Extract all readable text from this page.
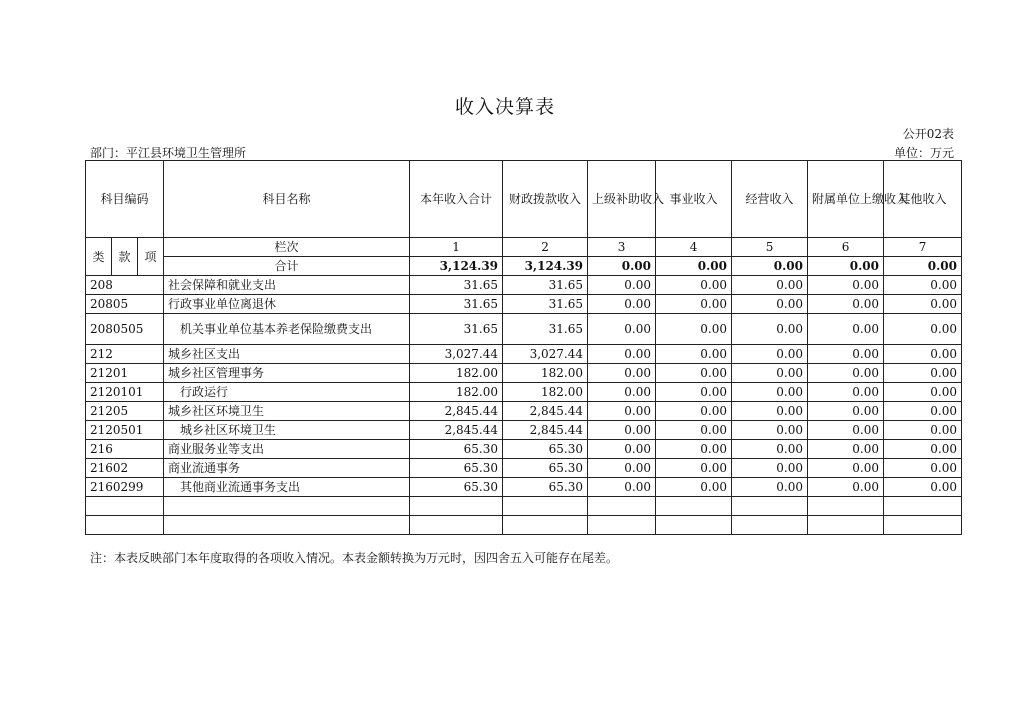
收入决算表
公开02表
部门：平江县环境卫生管理所	单位：万元
科目编码			科目名称	本年收入合计	财政拨款收入	上级补助收入	事业收入	经营收入	附属单位上缴收入	其他收入
类	款	项	栏次	1	2	3	4	5	6	7
			合计	3,124.39	3,124.39	0.00	0.00	0.00	0.00	0.00
208			社会保障和就业支出	31.65	31.65	0.00	0.00	0.00	0.00	0.00
20805			行政事业单位离退休	31.65	31.65	0.00	0.00	0.00	0.00	0.00
2080505			机关事业单位基本养老保险缴费支出	31.65	31.65	0.00	0.00	0.00	0.00	0.00
212			城乡社区支出	3,027.44	3,027.44	0.00	0.00	0.00	0.00	0.00
21201			城乡社区管理事务	182.00	182.00	0.00	0.00	0.00	0.00	0.00
2120101			行政运行	182.00	182.00	0.00	0.00	0.00	0.00	0.00
21205			城乡社区环境卫生	2,845.44	2,845.44	0.00	0.00	0.00	0.00	0.00
2120501			城乡社区环境卫生	2,845.44	2,845.44	0.00	0.00	0.00	0.00	0.00
216			商业服务业等支出	65.30	65.30	0.00	0.00	0.00	0.00	0.00
21602			商业流通事务	65.30	65.30	0.00	0.00	0.00	0.00	0.00
2160299			其他商业流通事务支出	65.30	65.30	0.00	0.00	0.00	0.00	0.00

注：本表反映部门本年度取得的各项收入情况。本表金额转换为万元时，因四舍五入可能存在尾差。
